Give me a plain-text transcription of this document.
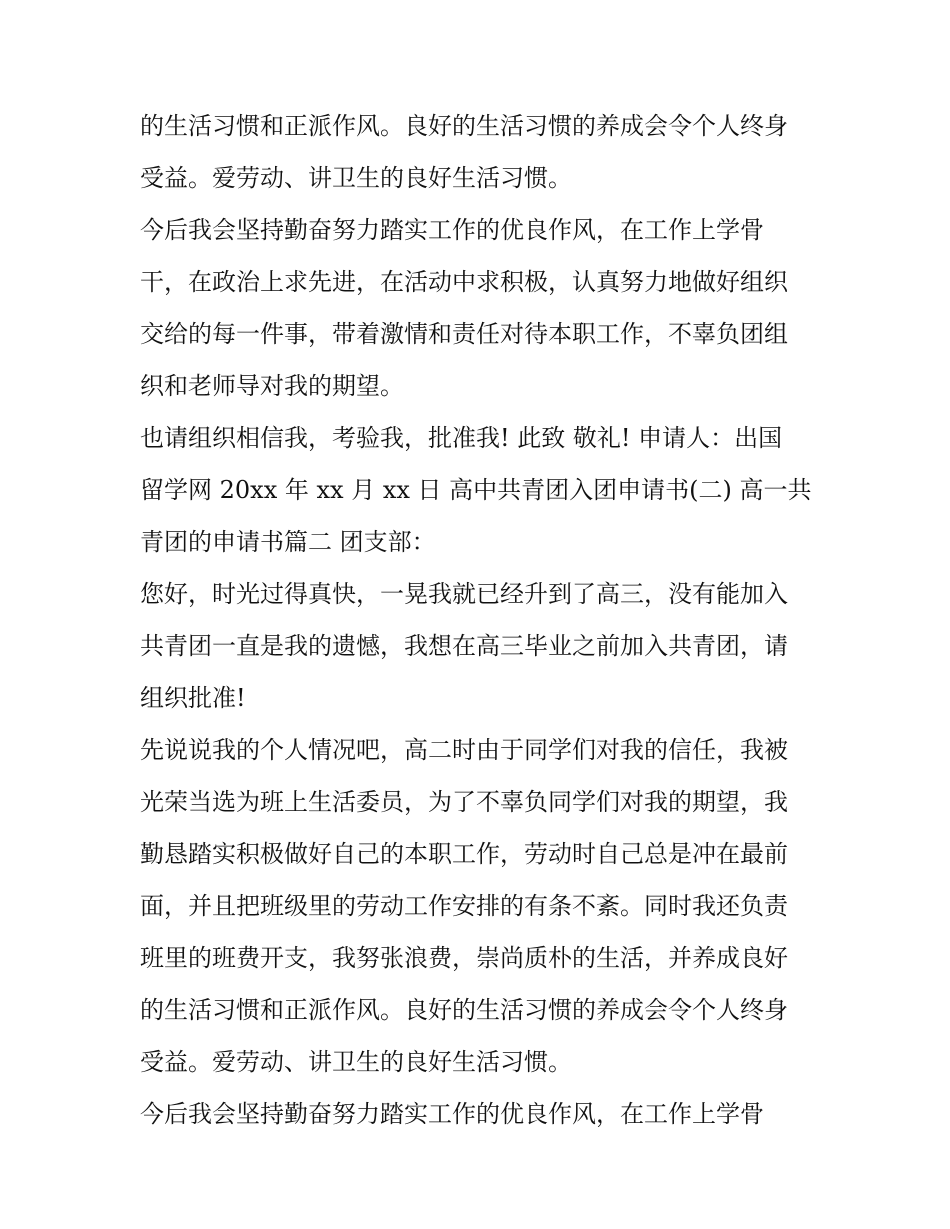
的生活习惯和正派作风。良好的生活习惯的养成会令个人终身

受益。爱劳动、讲卫生的良好生活习惯。

今后我会坚持勤奋努力踏实工作的优良作风，在工作上学骨

干，在政治上求先进，在活动中求积极，认真努力地做好组织

交给的每一件事，带着激情和责任对待本职工作，不辜负团组

织和老师导对我的期望。

也请组织相信我，考验我，批准我! 此致 敬礼! 申请人：出国

留学网 20xx 年 xx 月 xx 日 高中共青团入团申请书(二) 高一共

青团的申请书篇二 团支部：

您好，时光过得真快，一晃我就已经升到了高三，没有能加入

共青团一直是我的遗憾，我想在高三毕业之前加入共青团，请

组织批准!

先说说我的个人情况吧，高二时由于同学们对我的信任，我被

光荣当选为班上生活委员，为了不辜负同学们对我的期望，我

勤恳踏实积极做好自己的本职工作，劳动时自己总是冲在最前

面，并且把班级里的劳动工作安排的有条不紊。同时我还负责

班里的班费开支，我努张浪费，崇尚质朴的生活，并养成良好

的生活习惯和正派作风。良好的生活习惯的养成会令个人终身

受益。爱劳动、讲卫生的良好生活习惯。

今后我会坚持勤奋努力踏实工作的优良作风，在工作上学骨
